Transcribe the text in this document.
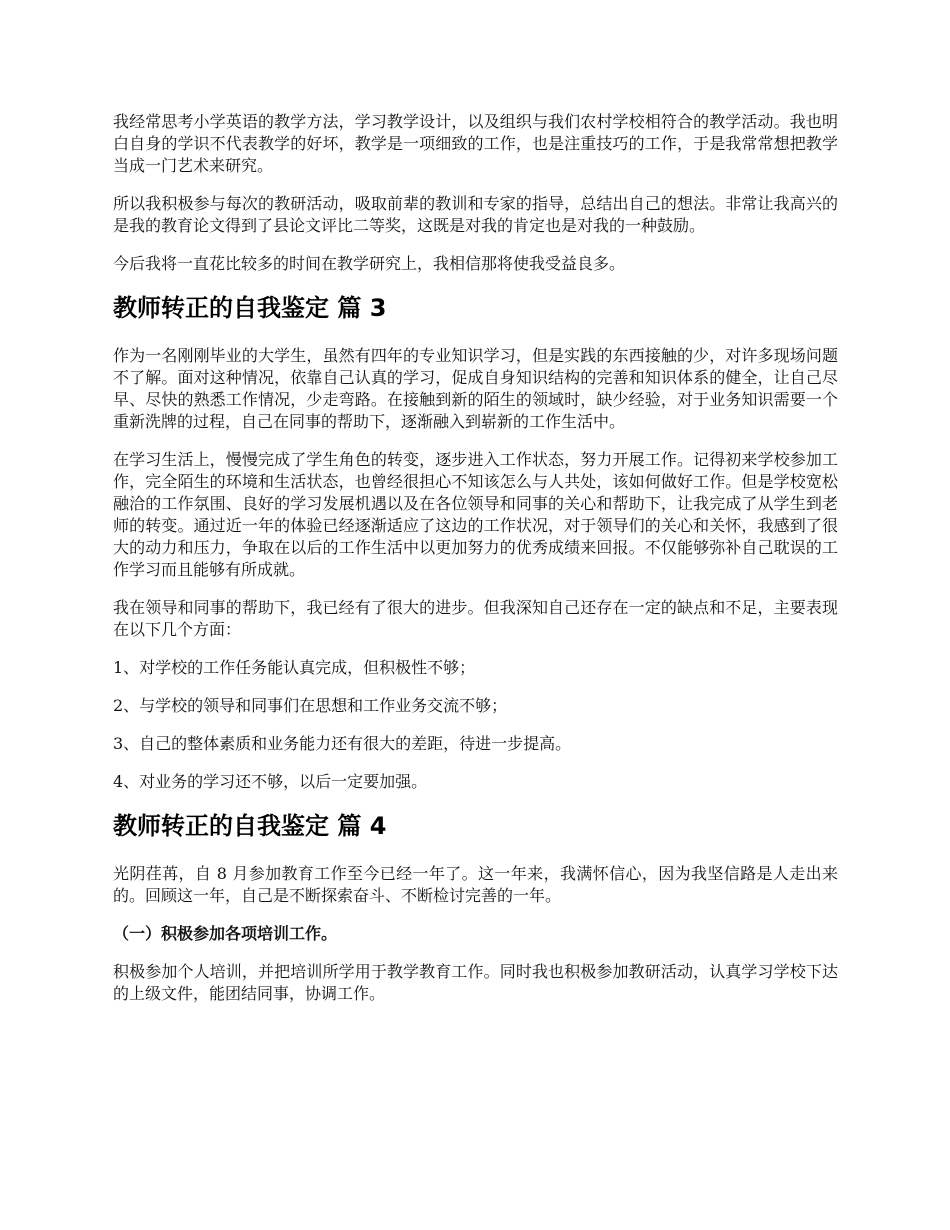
我经常思考小学英语的教学方法，学习教学设计，以及组织与我们农村学校相符合的教学活动。我也明白自身的学识不代表教学的好坏，教学是一项细致的工作，也是注重技巧的工作，于是我常常想把教学当成一门艺术来研究。

所以我积极参与每次的教研活动，吸取前辈的教训和专家的指导，总结出自己的想法。非常让我高兴的是我的教育论文得到了县论文评比二等奖，这既是对我的肯定也是对我的一种鼓励。

今后我将一直花比较多的时间在教学研究上，我相信那将使我受益良多。

教师转正的自我鉴定 篇 3

作为一名刚刚毕业的大学生，虽然有四年的专业知识学习，但是实践的东西接触的少，对许多现场问题不了解。面对这种情况，依靠自己认真的学习，促成自身知识结构的完善和知识体系的健全，让自己尽早、尽快的熟悉工作情况，少走弯路。在接触到新的陌生的领域时，缺少经验，对于业务知识需要一个重新洗牌的过程，自己在同事的帮助下，逐渐融入到崭新的工作生活中。

在学习生活上，慢慢完成了学生角色的转变，逐步进入工作状态，努力开展工作。记得初来学校参加工作，完全陌生的环境和生活状态，也曾经很担心不知该怎么与人共处，该如何做好工作。但是学校宽松融洽的工作氛围、良好的学习发展机遇以及在各位领导和同事的关心和帮助下，让我完成了从学生到老师的转变。通过近一年的体验已经逐渐适应了这边的工作状况，对于领导们的关心和关怀，我感到了很大的动力和压力，争取在以后的工作生活中以更加努力的优秀成绩来回报。不仅能够弥补自己耽误的工作学习而且能够有所成就。

我在领导和同事的帮助下，我已经有了很大的进步。但我深知自己还存在一定的缺点和不足，主要表现在以下几个方面：

1、对学校的工作任务能认真完成，但积极性不够；

2、与学校的领导和同事们在思想和工作业务交流不够；

3、自己的整体素质和业务能力还有很大的差距，待进一步提高。

4、对业务的学习还不够，以后一定要加强。

教师转正的自我鉴定 篇 4

光阴荏苒，自 8 月参加教育工作至今已经一年了。这一年来，我满怀信心，因为我坚信路是人走出来的。回顾这一年，自己是不断探索奋斗、不断检讨完善的一年。

（一）积极参加各项培训工作。

积极参加个人培训，并把培训所学用于教学教育工作。同时我也积极参加教研活动，认真学习学校下达的上级文件，能团结同事，协调工作。
